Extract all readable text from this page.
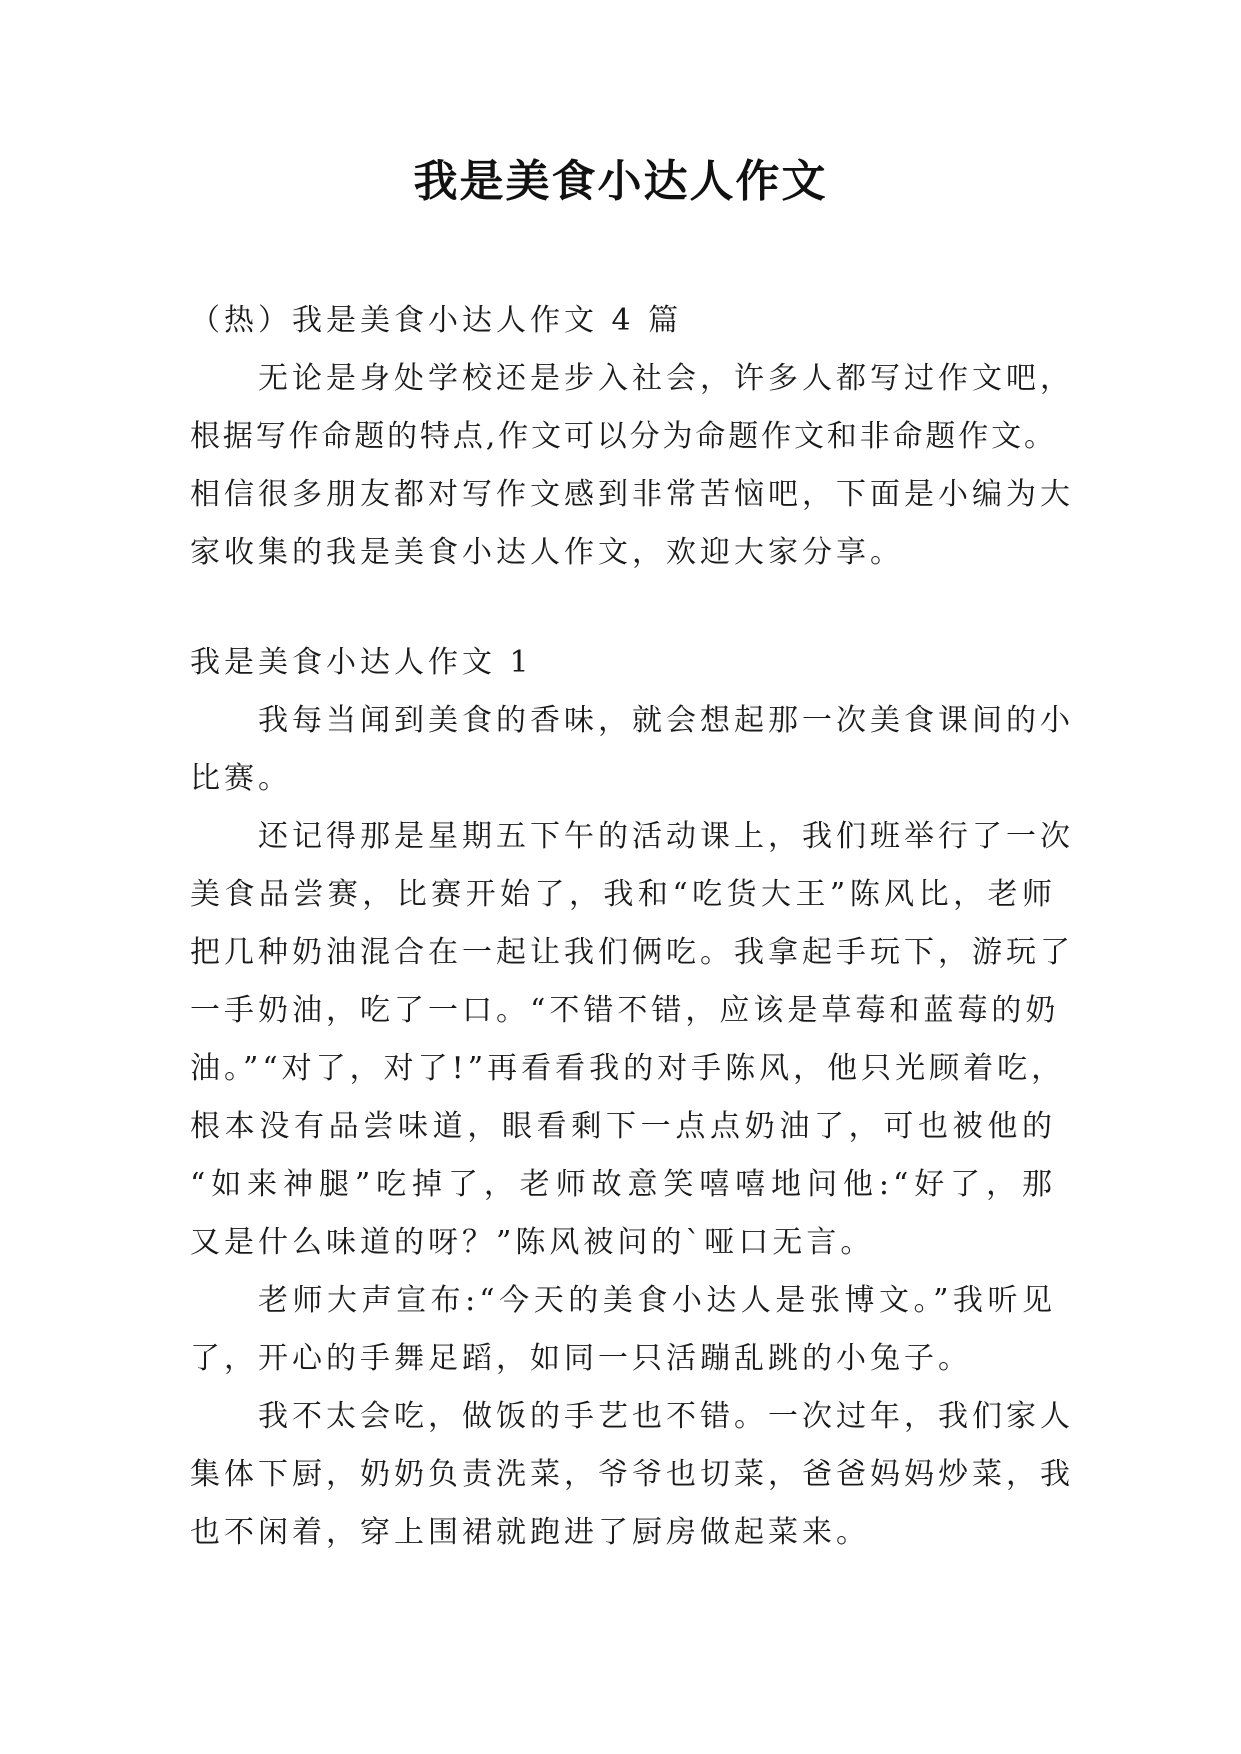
我是美食小达人作文
（热）我是美食小达人作文 4 篇
无论是身处学校还是步入社会，许多人都写过作文吧，
根据写作命题的特点,作文可以分为命题作文和非命题作文。
相信很多朋友都对写作文感到非常苦恼吧，下面是小编为大
家收集的我是美食小达人作文，欢迎大家分享。
我是美食小达人作文 1
我每当闻到美食的香味，就会想起那一次美食课间的小
比赛。
还记得那是星期五下午的活动课上，我们班举行了一次
美食品尝赛，比赛开始了，我和“吃货大王”陈风比，老师
把几种奶油混合在一起让我们俩吃。我拿起手玩下，游玩了
一手奶油，吃了一口。“不错不错，应该是草莓和蓝莓的奶
油。”“对了，对了!”再看看我的对手陈风，他只光顾着吃，
根本没有品尝味道，眼看剩下一点点奶油了，可也被他的
“如来神腿”吃掉了，老师故意笑嘻嘻地问他:“好了，那
又是什么味道的呀？”陈风被问的`哑口无言。
老师大声宣布:“今天的美食小达人是张博文。”我听见
了，开心的手舞足蹈，如同一只活蹦乱跳的小兔子。
我不太会吃，做饭的手艺也不错。一次过年，我们家人
集体下厨，奶奶负责洗菜，爷爷也切菜，爸爸妈妈炒菜，我
也不闲着，穿上围裙就跑进了厨房做起菜来。
